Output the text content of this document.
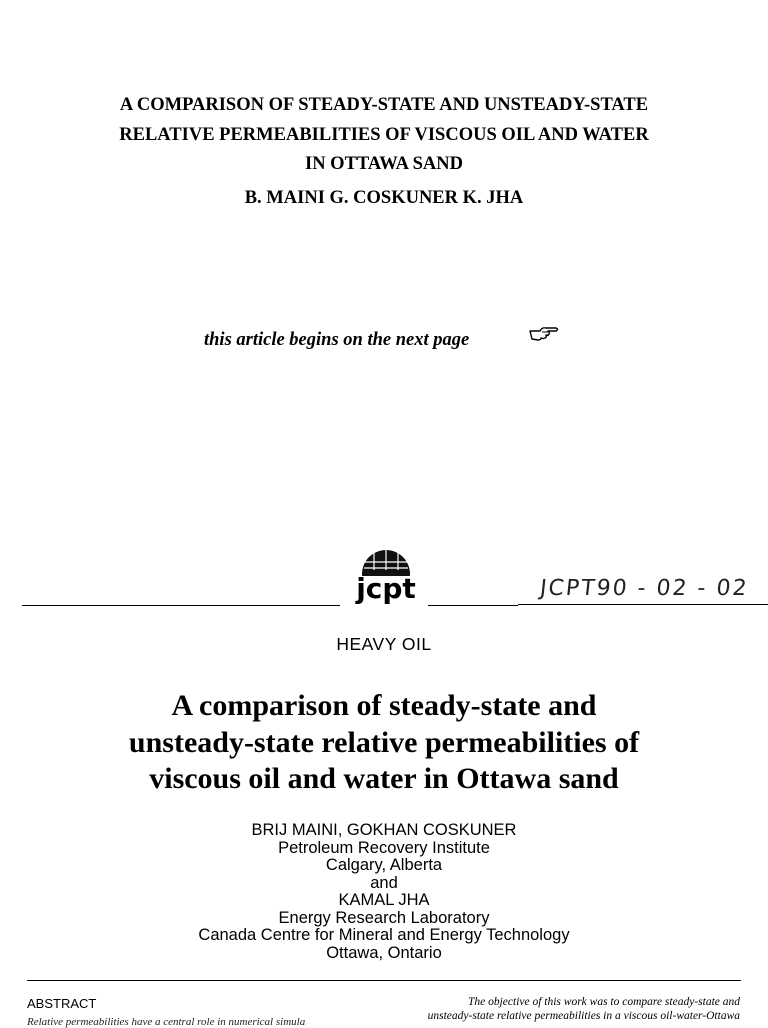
A COMPARISON OF STEADY-STATE AND UNSTEADY-STATE
RELATIVE PERMEABILITIES OF VISCOUS OIL AND WATER
IN OTTAWA SAND
B. MAINI G. COSKUNER K. JHA
this article begins on the next page
jcpt	JCPT90 - 02 - 02
HEAVY OIL
A comparison of steady-state and
unsteady-state relative permeabilities of
viscous oil and water in Ottawa sand
BRIJ MAINI, GOKHAN COSKUNER
Petroleum Recovery Institute
Calgary, Alberta
and
KAMAL JHA
Energy Research Laboratory
Canada Centre for Mineral and Energy Technology
Ottawa, Ontario
ABSTRACT
Relative permeabilities have a central role in numerical simula
The objective of this work was to compare steady-state and
unsteady-state relative permeabilities in a viscous oil-water-Ottawa
